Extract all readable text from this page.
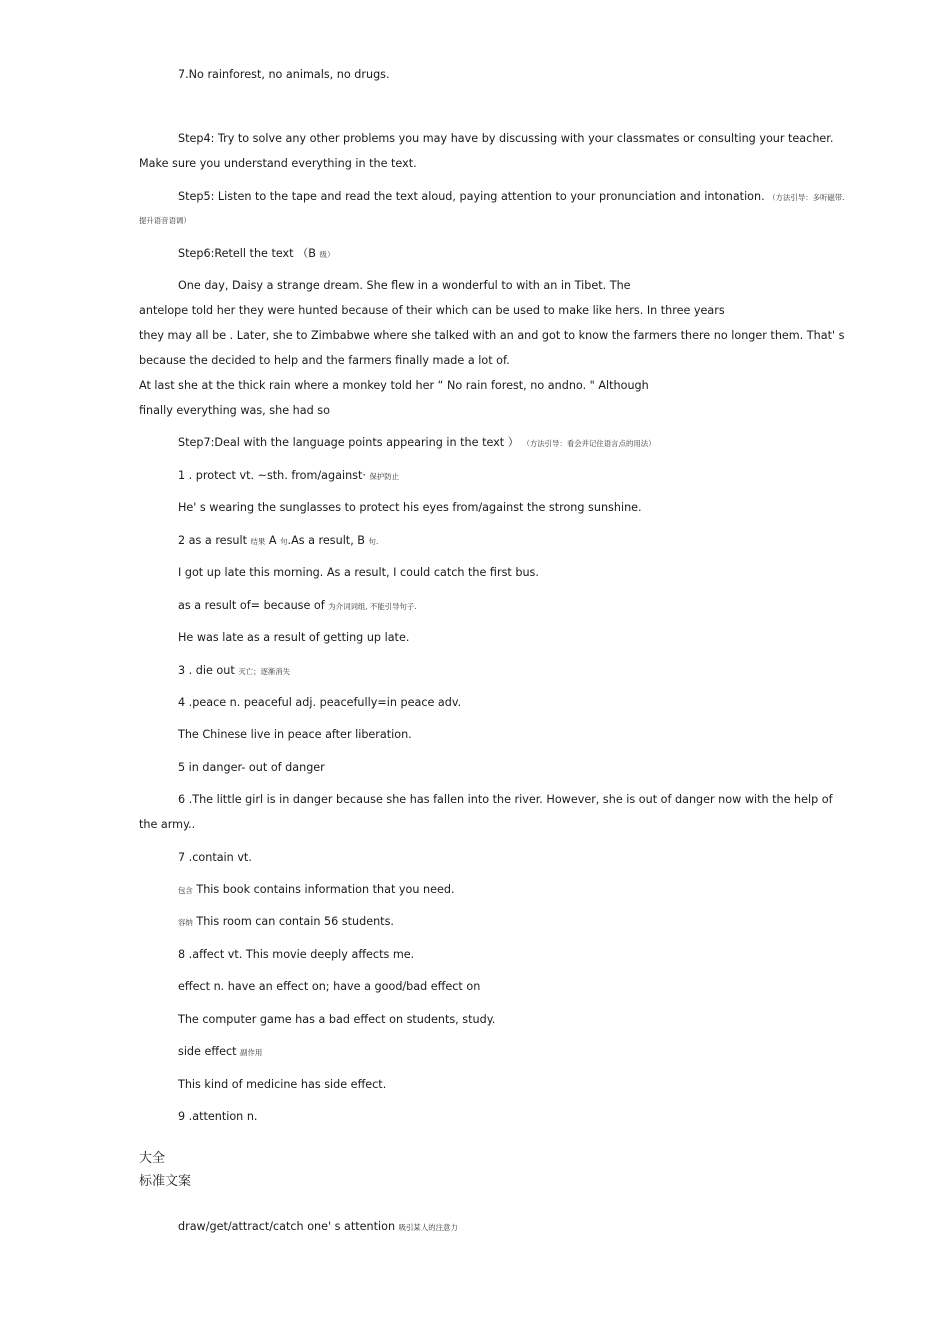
7.No rainforest, no animals, no drugs.
Step4: Try to solve any other problems you may have by discussing with your classmates or consulting your teacher.
Make sure you understand everything in the text.
Step5: Listen to the tape and read the text aloud, paying attention to your pronunciation and intonation. （方法引导：多听磁带.
提升语音语调）
Step6:Retell the text （B 级）
One day, Daisy a strange dream. She flew in a wonderful to with an in Tibet. The
antelope told her they were hunted because of their which can be used to make like hers. In three years
they may all be . Later, she to Zimbabwe where she talked with an and got to know the farmers there no longer them. That' s
because the decided to help and the farmers finally made a lot of.
At last she at the thick rain where a monkey told her “ No rain forest, no andno. " Although
finally everything was, she had so
Step7:Deal with the language points appearing in the text ） （方法引导：看会并记住语言点的用法）
1 . protect vt. ~sth. from/against· 保护防止
He' s wearing the sunglasses to protect his eyes from/against the strong sunshine.
2 as a result 结果 A 句.As a result, B 句.
I got up late this morning. As a result, I could catch the first bus.
as a result of= because of 为介词词组, 不能引导句子.
He was late as a result of getting up late.
3 . die out 灭亡；逐渐消失
4 .peace n. peaceful adj. peacefully=in peace adv.
The Chinese live in peace after liberation.
5 in danger- out of danger
6 .The little girl is in danger because she has fallen into the river. However, she is out of danger now with the help of
the army..
7 .contain vt.
包含 This book contains information that you need.
容纳 This room can contain 56 students.
8 .affect vt. This movie deeply affects me.
effect n. have an effect on; have a good/bad effect on
The computer game has a bad effect on students, study.
side effect 副作用
This kind of medicine has side effect.
9 .attention n.
大全
标准文案
draw/get/attract/catch one' s attention 吸引某人的注意力
